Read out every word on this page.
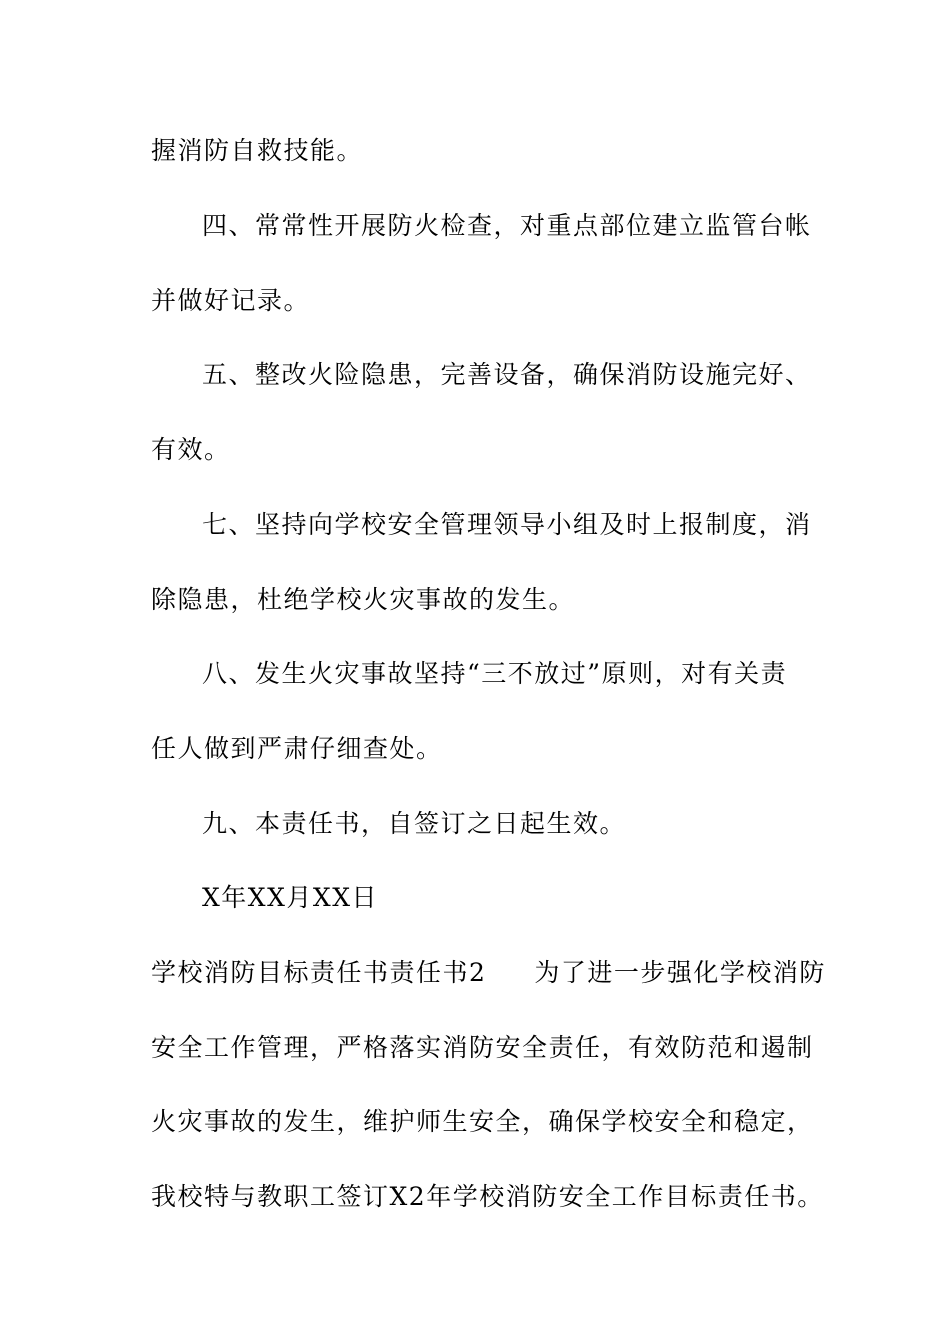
握消防自救技能。
四、常常性开展防火检查，对重点部位建立监管台帐
并做好记录。
五、整改火险隐患，完善设备，确保消防设施完好、
有效。
七、坚持向学校安全管理领导小组及时上报制度，消
除隐患，杜绝学校火灾事故的发生。
八、发生火灾事故坚持“三不放过”原则，对有关责
任人做到严肃仔细查处。
九、本责任书，自签订之日起生效。
X年XX月XX日
学校消防目标责任书责任书2 为了进一步强化学校消防
安全工作管理，严格落实消防安全责任，有效防范和遏制
火灾事故的发生，维护师生安全，确保学校安全和稳定，
我校特与教职工签订X2年学校消防安全工作目标责任书。
